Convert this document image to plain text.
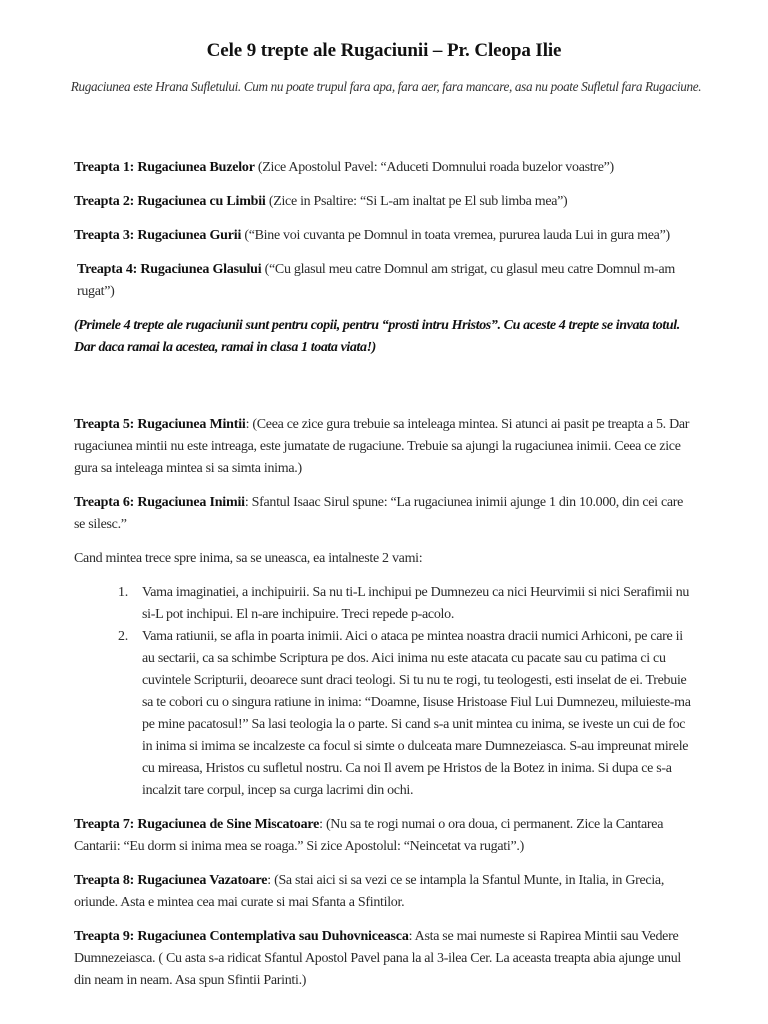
Cele 9 trepte ale Rugaciunii – Pr. Cleopa Ilie
Rugaciunea este Hrana Sufletului. Cum nu poate trupul fara apa, fara aer, fara mancare, asa nu poate Sufletul fara Rugaciune.

Treapta 1: Rugaciunea Buzelor (Zice Apostolul Pavel: “Aduceti Domnului roada buzelor voastre”)

Treapta 2: Rugaciunea cu Limbii (Zice in Psaltire: “Si L-am inaltat pe El sub limba mea”)

Treapta 3: Rugaciunea Gurii (“Bine voi cuvanta pe Domnul in toata vremea, pururea lauda Lui in gura mea”)

Treapta 4: Rugaciunea Glasului (“Cu glasul meu catre Domnul am strigat, cu glasul meu catre Domnul m-am rugat”)

(Primele 4 trepte ale rugaciunii sunt pentru copii, pentru “prosti intru Hristos”. Cu aceste 4 trepte se invata totul. Dar daca ramai la acestea, ramai in clasa 1 toata viata!)

Treapta 5: Rugaciunea Mintii: (Ceea ce zice gura trebuie sa inteleaga mintea. Si atunci ai pasit pe treapta a 5. Dar rugaciunea mintii nu este intreaga, este jumatate de rugaciune. Trebuie sa ajungi la rugaciunea inimii. Ceea ce zice gura sa inteleaga mintea si sa simta inima.)

Treapta 6: Rugaciunea Inimii: Sfantul Isaac Sirul spune: “La rugaciunea inimii ajunge 1 din 10.000, din cei care se silesc.”

Cand mintea trece spre inima, sa se uneasca, ea intalneste 2 vami:

1. Vama imaginatiei, a inchipuirii. Sa nu ti-L inchipui pe Dumnezeu ca nici Heurvimii si nici Serafimii nu si-L pot inchipui. El n-are inchipuire. Treci repede p-acolo.
2. Vama ratiunii, se afla in poarta inimii. Aici o ataca pe mintea noastra dracii numici Arhiconi, pe care ii au sectarii, ca sa schimbe Scriptura pe dos. Aici inima nu este atacata cu pacate sau cu patima ci cu cuvintele Scripturii, deoarece sunt draci teologi. Si tu nu te rogi, tu teologesti, esti inselat de ei. Trebuie sa te cobori cu o singura ratiune in inima: “Doamne, Iisuse Hristoase Fiul Lui Dumnezeu, miluieste-ma pe mine pacatosul!” Sa lasi teologia la o parte. Si cand s-a unit mintea cu inima, se iveste un cui de foc in inima si imima se incalzeste ca focul si simte o dulceata mare Dumnezeiasca. S-au impreunat mirele cu mireasa, Hristos cu sufletul nostru. Ca noi Il avem pe Hristos de la Botez in inima. Si dupa ce s-a incalzit tare corpul, incep sa curga lacrimi din ochi.

Treapta 7: Rugaciunea de Sine Miscatoare: (Nu sa te rogi numai o ora doua, ci permanent. Zice la Cantarea Cantarii: “Eu dorm si inima mea se roaga.” Si zice Apostolul: “Neincetat va rugati”.)

Treapta 8: Rugaciunea Vazatoare: (Sa stai aici si sa vezi ce se intampla la Sfantul Munte, in Italia, in Grecia, oriunde. Asta e mintea cea mai curate si mai Sfanta a Sfintilor.

Treapta 9: Rugaciunea Contemplativa sau Duhovniceasca: Asta se mai numeste si Rapirea Mintii sau Vedere Dumnezeiasca. ( Cu asta s-a ridicat Sfantul Apostol Pavel pana la al 3-ilea Cer. La aceasta treapta abia ajunge unul din neam in neam. Asa spun Sfintii Parinti.)
